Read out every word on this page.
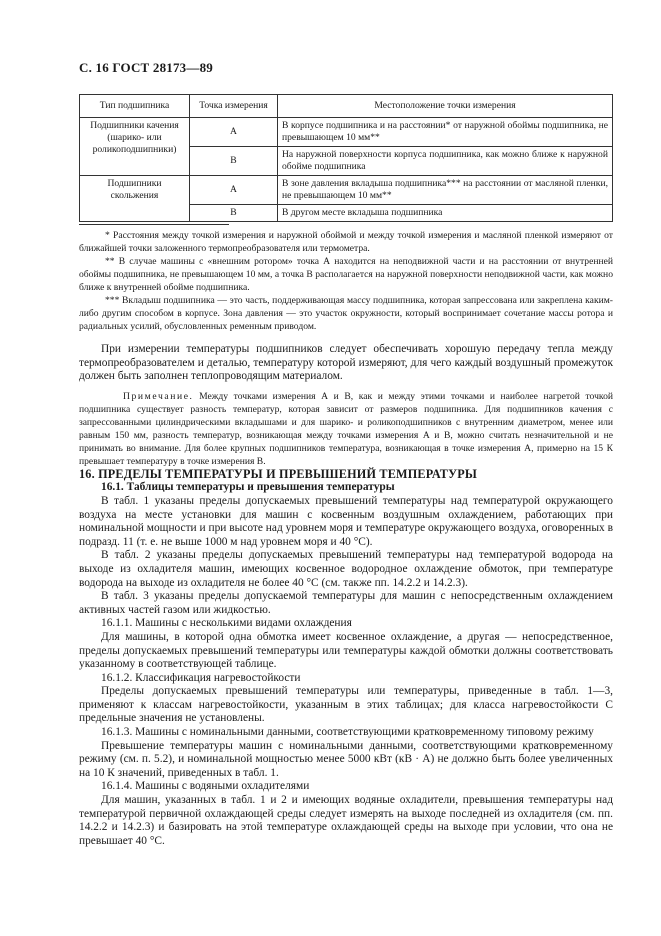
С. 16 ГОСТ 28173—89
Тип подшипника	Точка измерения	Местоположение точки измерения
Подшипники качения (шарико- или роликоподшипники)	A	В корпусе подшипника и на расстоянии* от наружной обоймы подшипника, не превышающем 10 мм**
	B	На наружной поверхности корпуса подшипника, как можно ближе к наружной обойме подшипника
Подшипники скольжения	A	В зоне давления вкладыша подшипника*** на расстоянии от масляной пленки, не превышающем 10 мм**
	B	В другом месте вкладыша подшипника

* Расстояния между точкой измерения и наружной обоймой и между точкой измерения и масляной пленкой измеряют от ближайшей точки заложенного термопреобразователя или термометра.

** В случае машины с «внешним ротором» точка А находится на неподвижной части и на расстоянии от внутренней обоймы подшипника, не превышающем 10 мм, а точка В располагается на наружной поверхности неподвижной части, как можно ближе к внутренней обойме подшипника.

*** Вкладыш подшипника — это часть, поддерживающая массу подшипника, которая запрессована или закреплена каким-либо другим способом в корпусе. Зона давления — это участок окружности, который воспринимает сочетание массы ротора и радиальных усилий, обусловленных ременным приводом.

При измерении температуры подшипников следует обеспечивать хорошую передачу тепла между термопреобразователем и деталью, температуру которой измеряют, для чего каждый воздушный промежуток должен быть заполнен теплопроводящим материалом.

Примечание. Между точками измерения А и В, как и между этими точками и наиболее нагретой точкой подшипника существует разность температур, которая зависит от размеров подшипника. Для подшипников качения с запрессованными цилиндрическими вкладышами и для шарико- и роликоподшипников с внутренним диаметром, менее или равным 150 мм, разность температур, возникающая между точками измерения А и В, можно считать незначительной и не принимать во внимание. Для более крупных подшипников температура, возникающая в точке измерения А, примерно на 15 К превышает температуру в точке измерения В.

16. ПРЕДЕЛЫ ТЕМПЕРАТУРЫ И ПРЕВЫШЕНИЙ ТЕМПЕРАТУРЫ

16.1. Таблицы температуры и превышения температуры

В табл. 1 указаны пределы допускаемых превышений температуры над температурой окружающего воздуха на месте установки для машин с косвенным воздушным охлаждением, работающих при номинальной мощности и при высоте над уровнем моря и температуре окружающего воздуха, оговоренных в подразд. 11 (т. е. не выше 1000 м над уровнем моря и 40 °С).

В табл. 2 указаны пределы допускаемых превышений температуры над температурой водорода на выходе из охладителя машин, имеющих косвенное водородное охлаждение обмоток, при температуре водорода на выходе из охладителя не более 40 °С (см. также пп. 14.2.2 и 14.2.3).

В табл. 3 указаны пределы допускаемой температуры для машин с непосредственным охлаждением активных частей газом или жидкостью.

16.1.1. Машины с несколькими видами охлаждения

Для машины, в которой одна обмотка имеет косвенное охлаждение, а другая — непосредственное, пределы допускаемых превышений температуры или температуры каждой обмотки должны соответствовать указанному в соответствующей таблице.

16.1.2. Классификация нагревостойкости

Пределы допускаемых превышений температуры или температуры, приведенные в табл. 1—3, применяют к классам нагревостойкости, указанным в этих таблицах; для класса нагревостойкости С предельные значения не установлены.

16.1.3. Машины с номинальными данными, соответствующими кратковременному типовому режиму

Превышение температуры машин с номинальными данными, соответствующими кратковременному режиму (см. п. 5.2), и номинальной мощностью менее 5000 кВт (кВ · А) не должно быть более увеличенных на 10 К значений, приведенных в табл. 1.

16.1.4. Машины с водяными охладителями

Для машин, указанных в табл. 1 и 2 и имеющих водяные охладители, превышения температуры над температурой первичной охлаждающей среды следует измерять на выходе последней из охладителя (см. пп. 14.2.2 и 14.2.3) и базировать на этой температуре охлаждающей среды на выходе при условии, что она не превышает 40 °С.
